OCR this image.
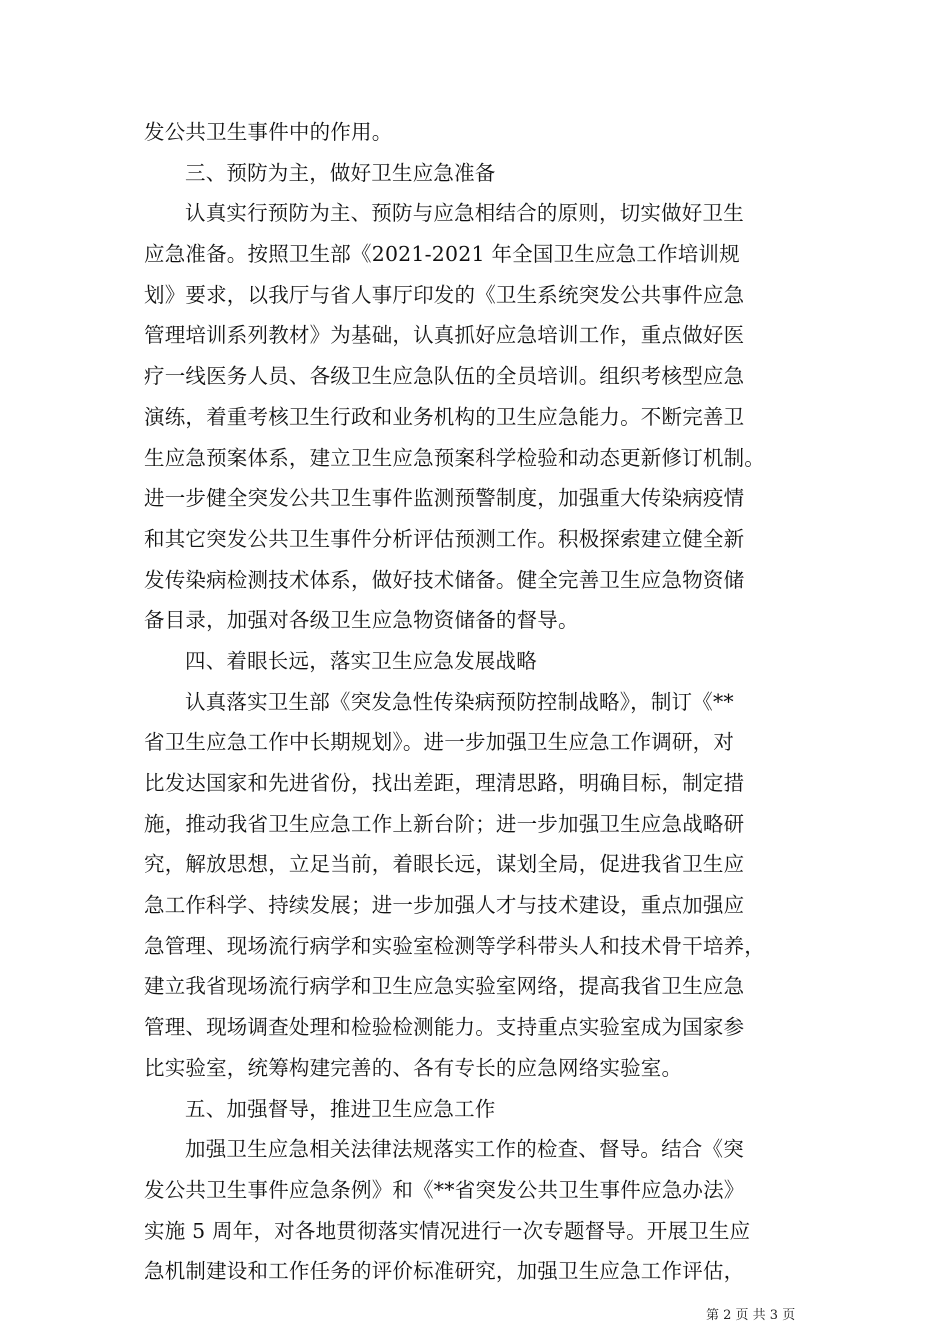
发公共卫生事件中的作用。
三、预防为主，做好卫生应急准备
认真实行预防为主、预防与应急相结合的原则，切实做好卫生
应急准备。按照卫生部《2021-2021 年全国卫生应急工作培训规
划》要求，以我厅与省人事厅印发的《卫生系统突发公共事件应急
管理培训系列教材》为基础，认真抓好应急培训工作，重点做好医
疗一线医务人员、各级卫生应急队伍的全员培训。组织考核型应急
演练，着重考核卫生行政和业务机构的卫生应急能力。不断完善卫
生应急预案体系，建立卫生应急预案科学检验和动态更新修订机制。
进一步健全突发公共卫生事件监测预警制度，加强重大传染病疫情
和其它突发公共卫生事件分析评估预测工作。积极探索建立健全新
发传染病检测技术体系，做好技术储备。健全完善卫生应急物资储
备目录，加强对各级卫生应急物资储备的督导。
四、着眼长远，落实卫生应急发展战略
认真落实卫生部《突发急性传染病预防控制战略》，制订《**
省卫生应急工作中长期规划》。进一步加强卫生应急工作调研，对
比发达国家和先进省份，找出差距，理清思路，明确目标，制定措
施，推动我省卫生应急工作上新台阶；进一步加强卫生应急战略研
究，解放思想，立足当前，着眼长远，谋划全局，促进我省卫生应
急工作科学、持续发展；进一步加强人才与技术建设，重点加强应
急管理、现场流行病学和实验室检测等学科带头人和技术骨干培养，
建立我省现场流行病学和卫生应急实验室网络，提高我省卫生应急
管理、现场调查处理和检验检测能力。支持重点实验室成为国家参
比实验室，统筹构建完善的、各有专长的应急网络实验室。
五、加强督导，推进卫生应急工作
加强卫生应急相关法律法规落实工作的检查、督导。结合《突
发公共卫生事件应急条例》和《**省突发公共卫生事件应急办法》
实施 5 周年，对各地贯彻落实情况进行一次专题督导。开展卫生应
急机制建设和工作任务的评价标准研究，加强卫生应急工作评估，
第 2 页 共 3 页
